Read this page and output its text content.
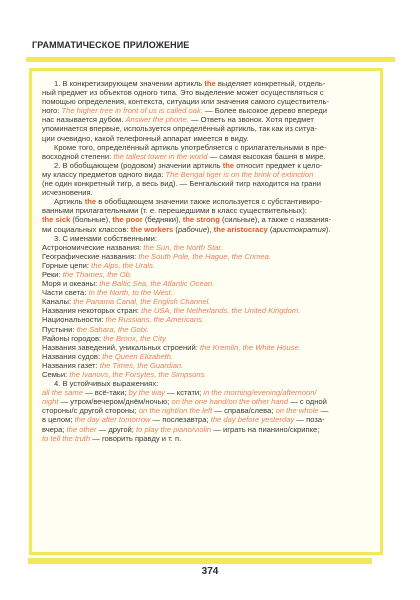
ГРАММАТИЧЕСКОЕ ПРИЛОЖЕНИЕ

1. В конкретизирующем значении артикль the выделяет конкретный, отдель-

ный предмет из объектов одного типа. Это выделение может осуществляться с

помощью определения, контекста, ситуации или значения самого существитель-

ного: The higher tree in front of us is called oak. — Более высокое дерево впереди

нас называется дубом. Answer the phone. — Ответь на звонок. Хотя предмет

упоминается впервые, используется определённый артикль, так как из ситуа-

ции очевидно, какой телефонный аппарат имеется в виду.

Кроме того, определённый артикль употребляется с прилагательными в пре-

восходной степени: the tallest tower in the world — самая высокая башня в мире.

2. В обобщающем (родовом) значении артикль the относит предмет к цело-

му классу предметов одного вида: The Bengal tiger is on the brink of extinction

(не один конкретный тигр, а весь вид). — Бенгальский тигр находится на грани

исчезновения.

Артикль the в обобщающем значении также используется с субстантивиро-

ванными прилагательными (т. е. перешедшими в класс существительных):

the sick (больные), the poor (бедняки), the strong (сильные), а также с названия-

ми социальных классов: the workers (рабочие), the aristocracy (аристократия).

3. С именами собственными:

Астрономические названия: the Sun, the North Star.

Географические названия: the South Pole, the Hague, the Crimea.

Горные цепи: the Alps, the Urals.

Реки: the Thames, the Ob.

Моря и океаны: the Baltic Sea, the Atlantic Ocean.

Части света: In the North, to the West.

Каналы: the Panama Canal, the English Channel.

Названия некоторых стран: the USA, the Netherlands, the United Kingdom.

Национальности: the Russians, the Americans.

Пустыни: the Sahara, the Gobi.

Районы городов: the Bronx, the City.

Названия заведений, уникальных строений: the Kremlin, the White House.

Названия судов: the Queen Elizabeth.

Названия газет: the Times, the Guardian.

Семьи: the Ivanovs, the Forsytes, the Simpsons.

4. В устойчивых выражениях:

all the same — всё-таки; by the way — кстати; in the morning/evening/afternoon/

night — утром/вечером/днём/ночью; on the one hand/on the other hand — с одной

стороны/с другой стороны; on the right/on the left — справа/слева; on the whole —

в целом; the day after tomorrow — послезавтра; the day before yesterday — поза-

вчера; the other — другой; to play the piano/violin — играть на пианино/скрипке;

to tell the truth — говорить правду и т. п.

374
